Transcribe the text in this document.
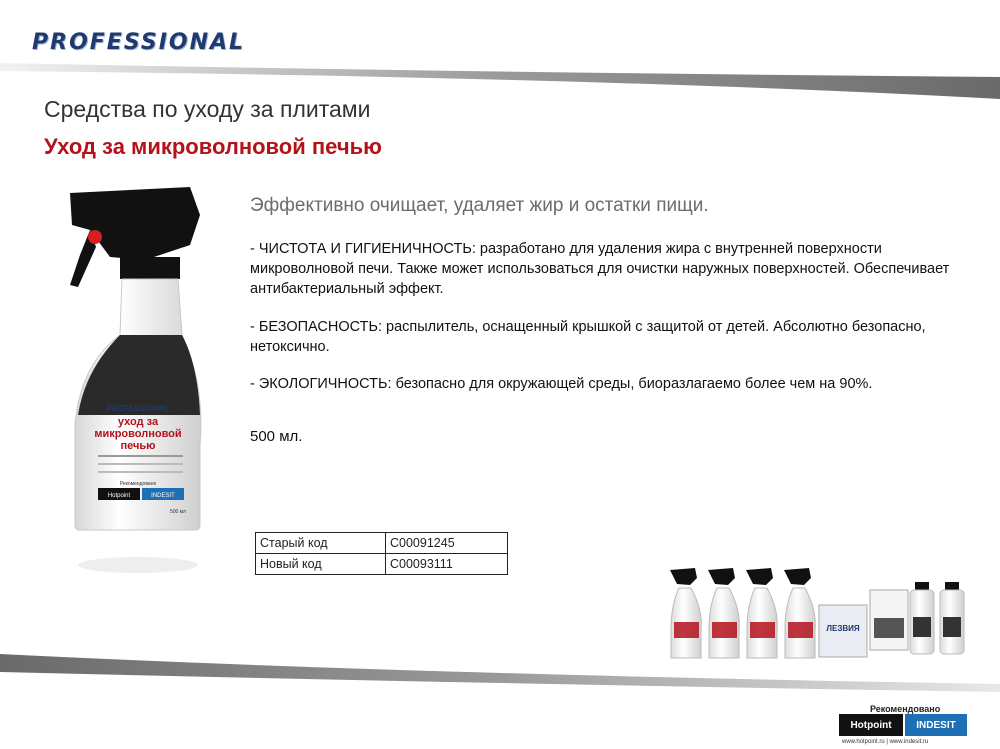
PROFESSIONAL
Средства по уходу за плитами
Уход за микроволновой печью
PROFESSIONAL
уход за
микроволновой
печью
Рекомендовано
Hotpoint	INDESIT
500 мл
Эффективно очищает, удаляет жир и остатки пищи.
- ЧИСТОТА И ГИГИЕНИЧНОСТЬ: разработано для удаления жира с внутренней поверхности микроволновой печи. Также может использоваться для очистки наружных поверхностей. Обеспечивает антибактериальный эффект.
- БЕЗОПАСНОСТЬ: распылитель, оснащенный крышкой с защитой от детей. Абсолютно безопасно, нетоксично.
- ЭКОЛОГИЧНОСТЬ: безопасно для окружающей среды, биоразлагаемо более чем на 90%.
500 мл.
Старый код	C00091245
Новый код	C00093111
ЛЕЗВИЯ
Рекомендовано
Hotpoint	INDESIT
www.hotpoint.ru | www.indesit.ru
